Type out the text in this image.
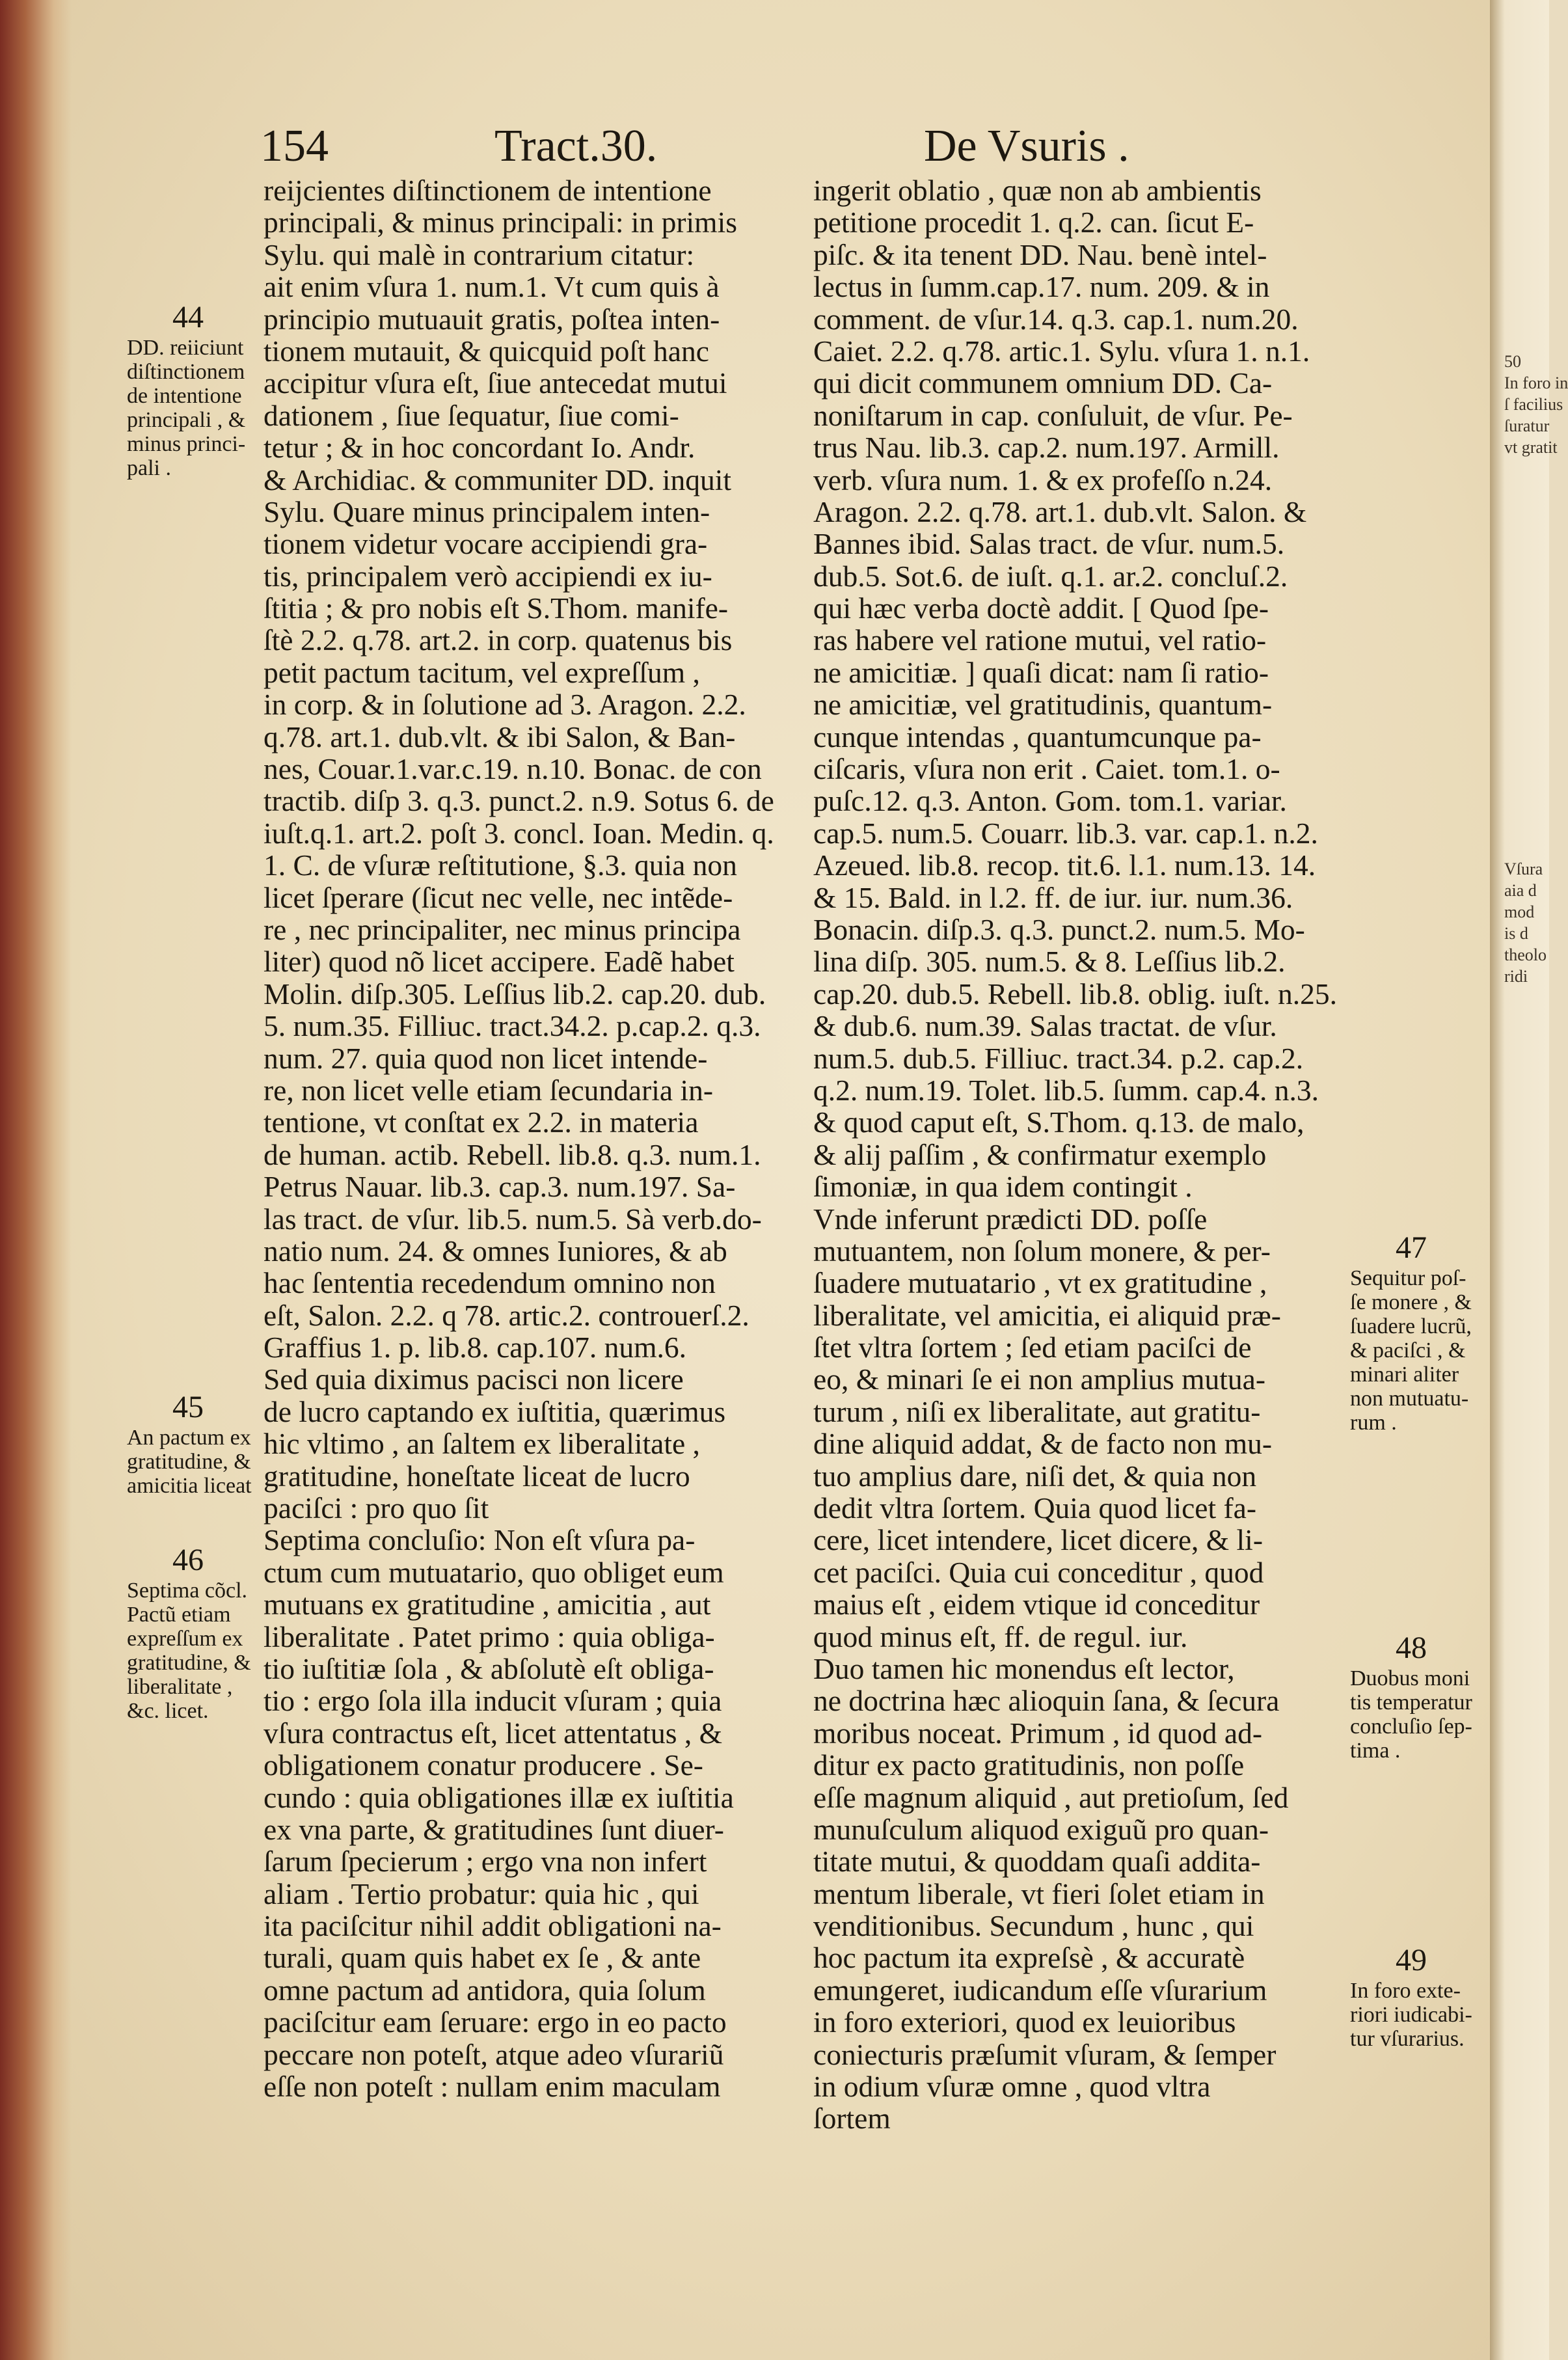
50
In foro in
ſ facilius
ſuratur
vt gratit
Vſura
aia d
mod
is d
theolo
ridi
154	Tract.30.	De Vsuris .
reijcientes diſtinctionem de intentione
principali, & minus principali: in primis
Sylu. qui malè in contrarium citatur:
ait enim vſura 1. num.1. Vt cum quis à
principio mutuauit gratis, poſtea inten-
tionem mutauit, & quicquid poſt hanc
accipitur vſura eſt, ſiue antecedat mutui
dationem , ſiue ſequatur, ſiue comi-
tetur ; & in hoc concordant Io. Andr.
& Archidiac. & communiter DD. inquit
Sylu. Quare minus principalem inten-
tionem videtur vocare accipiendi gra-
tis, principalem verò accipiendi ex iu-
ſtitia ; & pro nobis eſt S.Thom. manife-
ſtè 2.2. q.78. art.2. in corp. quatenus bis
petit pactum tacitum, vel expreſſum ,
in corp. & in ſolutione ad 3. Aragon. 2.2.
q.78. art.1. dub.vlt. & ibi Salon, & Ban-
nes, Couar.1.var.c.19. n.10. Bonac. de con
tractib. diſp 3. q.3. punct.2. n.9. Sotus 6. de
iuſt.q.1. art.2. poſt 3. concl. Ioan. Medin. q.
1. C. de vſuræ reſtitutione, §.3. quia non
licet ſperare (ſicut nec velle, nec intẽde-
re , nec principaliter, nec minus principa
liter) quod nõ licet accipere. Eadẽ habet
Molin. diſp.305. Leſſius lib.2. cap.20. dub.
5. num.35. Filliuc. tract.34.2. p.cap.2. q.3.
num. 27. quia quod non licet intende-
re, non licet velle etiam ſecundaria in-
tentione, vt conſtat ex 2.2. in materia
de human. actib. Rebell. lib.8. q.3. num.1.
Petrus Nauar. lib.3. cap.3. num.197. Sa-
las tract. de vſur. lib.5. num.5. Sà verb.do-
natio num. 24. & omnes Iuniores, & ab
hac ſententia recedendum omnino non
eſt, Salon. 2.2. q 78. artic.2. controuerſ.2.
Graffius 1. p. lib.8. cap.107. num.6.
Sed quia diximus pacisci non licere
de lucro captando ex iuſtitia, quærimus
hic vltimo , an ſaltem ex liberalitate ,
gratitudine, honeſtate liceat de lucro
paciſci : pro quo ſit
Septima concluſio: Non eſt vſura pa-
ctum cum mutuatario, quo obliget eum
mutuans ex gratitudine , amicitia , aut
liberalitate . Patet primo : quia obliga-
tio iuſtitiæ ſola , & abſolutè eſt obliga-
tio : ergo ſola illa inducit vſuram ; quia
vſura contractus eſt, licet attentatus , &
obligationem conatur producere . Se-
cundo : quia obligationes illæ ex iuſtitia
ex vna parte, & gratitudines ſunt diuer-
ſarum ſpecierum ; ergo vna non infert
aliam . Tertio probatur: quia hic , qui
ita paciſcitur nihil addit obligationi na-
turali, quam quis habet ex ſe , & ante
omne pactum ad antidora, quia ſolum
paciſcitur eam ſeruare: ergo in eo pacto
peccare non poteſt, atque adeo vſurariũ
eſſe non poteſt : nullam enim maculam
ingerit oblatio , quæ non ab ambientis
petitione procedit 1. q.2. can. ſicut E-
piſc. & ita tenent DD. Nau. benè intel-
lectus in ſumm.cap.17. num. 209. & in
comment. de vſur.14. q.3. cap.1. num.20.
Caiet. 2.2. q.78. artic.1. Sylu. vſura 1. n.1.
qui dicit communem omnium DD. Ca-
noniſtarum in cap. conſuluit, de vſur. Pe-
trus Nau. lib.3. cap.2. num.197. Armill.
verb. vſura num. 1. & ex profeſſo n.24.
Aragon. 2.2. q.78. art.1. dub.vlt. Salon. &
Bannes ibid. Salas tract. de vſur. num.5.
dub.5. Sot.6. de iuſt. q.1. ar.2. concluſ.2.
qui hæc verba doctè addit. [ Quod ſpe-
ras habere vel ratione mutui, vel ratio-
ne amicitiæ. ] quaſi dicat: nam ſi ratio-
ne amicitiæ, vel gratitudinis, quantum-
cunque intendas , quantumcunque pa-
ciſcaris, vſura non erit . Caiet. tom.1. o-
puſc.12. q.3. Anton. Gom. tom.1. variar.
cap.5. num.5. Couarr. lib.3. var. cap.1. n.2.
Azeued. lib.8. recop. tit.6. l.1. num.13. 14.
& 15. Bald. in l.2. ff. de iur. iur. num.36.
Bonacin. diſp.3. q.3. punct.2. num.5. Mo-
lina diſp. 305. num.5. & 8. Leſſius lib.2.
cap.20. dub.5. Rebell. lib.8. oblig. iuſt. n.25.
& dub.6. num.39. Salas tractat. de vſur.
num.5. dub.5. Filliuc. tract.34. p.2. cap.2.
q.2. num.19. Tolet. lib.5. ſumm. cap.4. n.3.
& quod caput eſt, S.Thom. q.13. de malo,
& alij paſſim , & confirmatur exemplo
ſimoniæ, in qua idem contingit .
Vnde inferunt prædicti DD. poſſe
mutuantem, non ſolum monere, & per-
ſuadere mutuatario , vt ex gratitudine ,
liberalitate, vel amicitia, ei aliquid præ-
ſtet vltra ſortem ; ſed etiam paciſci de
eo, & minari ſe ei non amplius mutua-
turum , niſi ex liberalitate, aut gratitu-
dine aliquid addat, & de facto non mu-
tuo amplius dare, niſi det, & quia non
dedit vltra ſortem. Quia quod licet fa-
cere, licet intendere, licet dicere, & li-
cet paciſci. Quia cui conceditur , quod
maius eſt , eidem vtique id conceditur
quod minus eſt, ff. de regul. iur.
Duo tamen hic monendus eſt lector,
ne doctrina hæc alioquin ſana, & ſecura
moribus noceat. Primum , id quod ad-
ditur ex pacto gratitudinis, non poſſe
eſſe magnum aliquid , aut pretioſum, ſed
munuſculum aliquod exiguũ pro quan-
titate mutui, & quoddam quaſi addita-
mentum liberale, vt fieri ſolet etiam in
venditionibus. Secundum , hunc , qui
hoc pactum ita expreſsè , & accuratè
emungeret, iudicandum eſſe vſurarium
in foro exteriori, quod ex leuioribus
coniecturis præſumit vſuram, & ſemper
in odium vſuræ omne , quod vltra
ſortem
44
DD. reiiciunt
diſtinctionem
de intentione
principali , &
minus princi-
pali .
45
An pactum ex
gratitudine, &
amicitia liceat
46
Septima cõcl.
Pactũ etiam
expreſſum ex
gratitudine, &
liberalitate ,
&c. licet.
47
Sequitur poſ-
ſe monere , &
ſuadere lucrũ,
& paciſci , &
minari aliter
non mutuatu-
rum .
48
Duobus moni
tis temperatur
concluſio ſep-
tima .
49
In foro exte-
riori iudicabi-
tur vſurarius.
